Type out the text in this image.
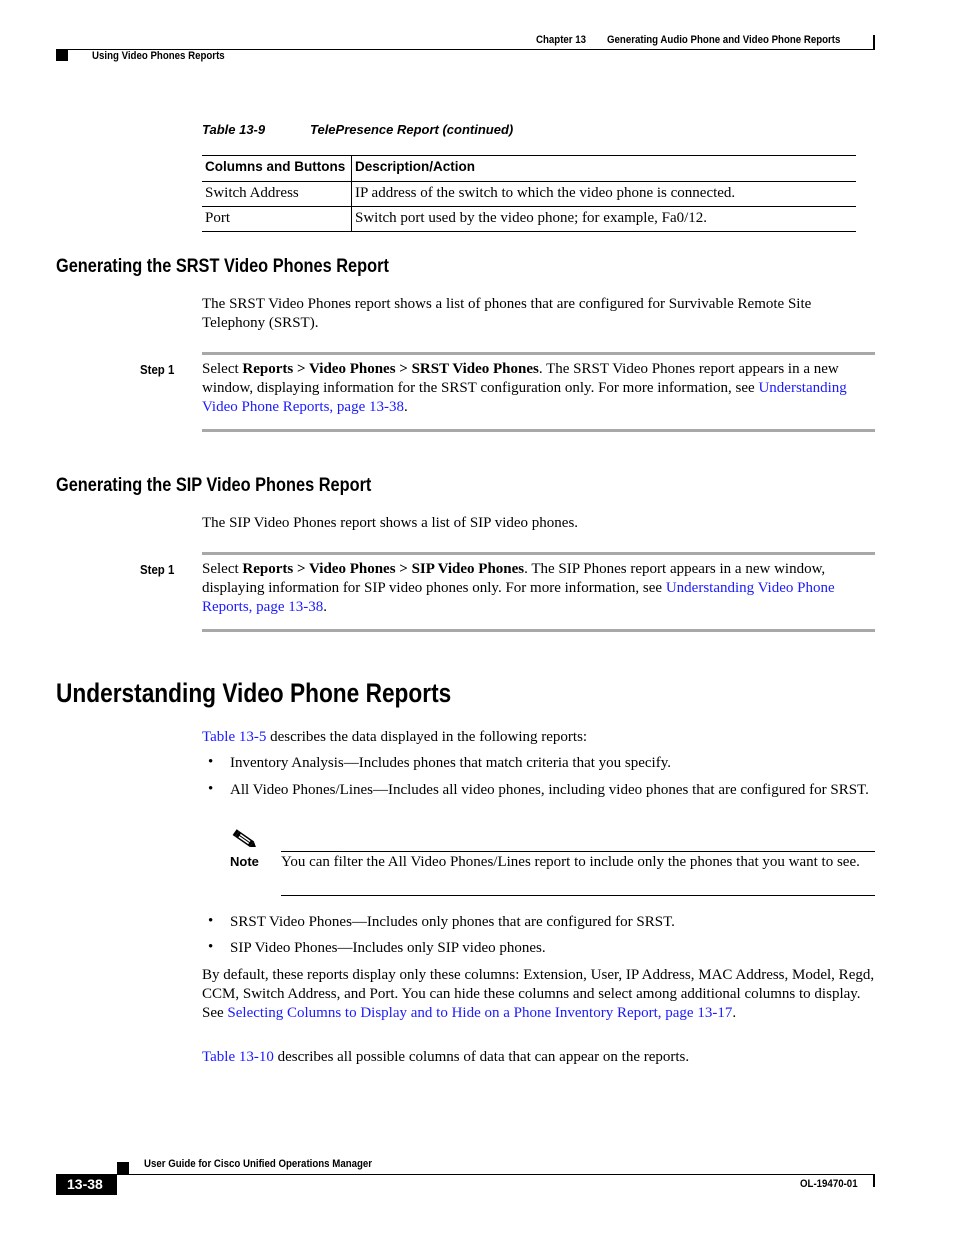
Chapter 13 Generating Audio Phone and Video Phone Reports
Using Video Phones Reports
Table 13-9	TelePresence Report (continued)
Columns and Buttons	Description/Action
Switch Address	IP address of the switch to which the video phone is connected.
Port	Switch port used by the video phone; for example, Fa0/12.
Generating the SRST Video Phones Report
The SRST Video Phones report shows a list of phones that are configured for Survivable Remote Site Telephony (SRST).
Step 1 Select Reports > Video Phones > SRST Video Phones. The SRST Video Phones report appears in a new window, displaying information for the SRST configuration only. For more information, see Understanding Video Phone Reports, page 13-38.
Generating the SIP Video Phones Report
The SIP Video Phones report shows a list of SIP video phones.
Step 1 Select Reports > Video Phones > SIP Video Phones. The SIP Phones report appears in a new window, displaying information for SIP video phones only. For more information, see Understanding Video Phone Reports, page 13-38.
Understanding Video Phone Reports
Table 13-5 describes the data displayed in the following reports:
• Inventory Analysis—Includes phones that match criteria that you specify.
• All Video Phones/Lines—Includes all video phones, including video phones that are configured for SRST.
Note You can filter the All Video Phones/Lines report to include only the phones that you want to see.
• SRST Video Phones—Includes only phones that are configured for SRST.
• SIP Video Phones—Includes only SIP video phones.
By default, these reports display only these columns: Extension, User, IP Address, MAC Address, Model, Regd, CCM, Switch Address, and Port. You can hide these columns and select among additional columns to display. See Selecting Columns to Display and to Hide on a Phone Inventory Report, page 13-17.
Table 13-10 describes all possible columns of data that can appear on the reports.
User Guide for Cisco Unified Operations Manager
13-38	OL-19470-01
